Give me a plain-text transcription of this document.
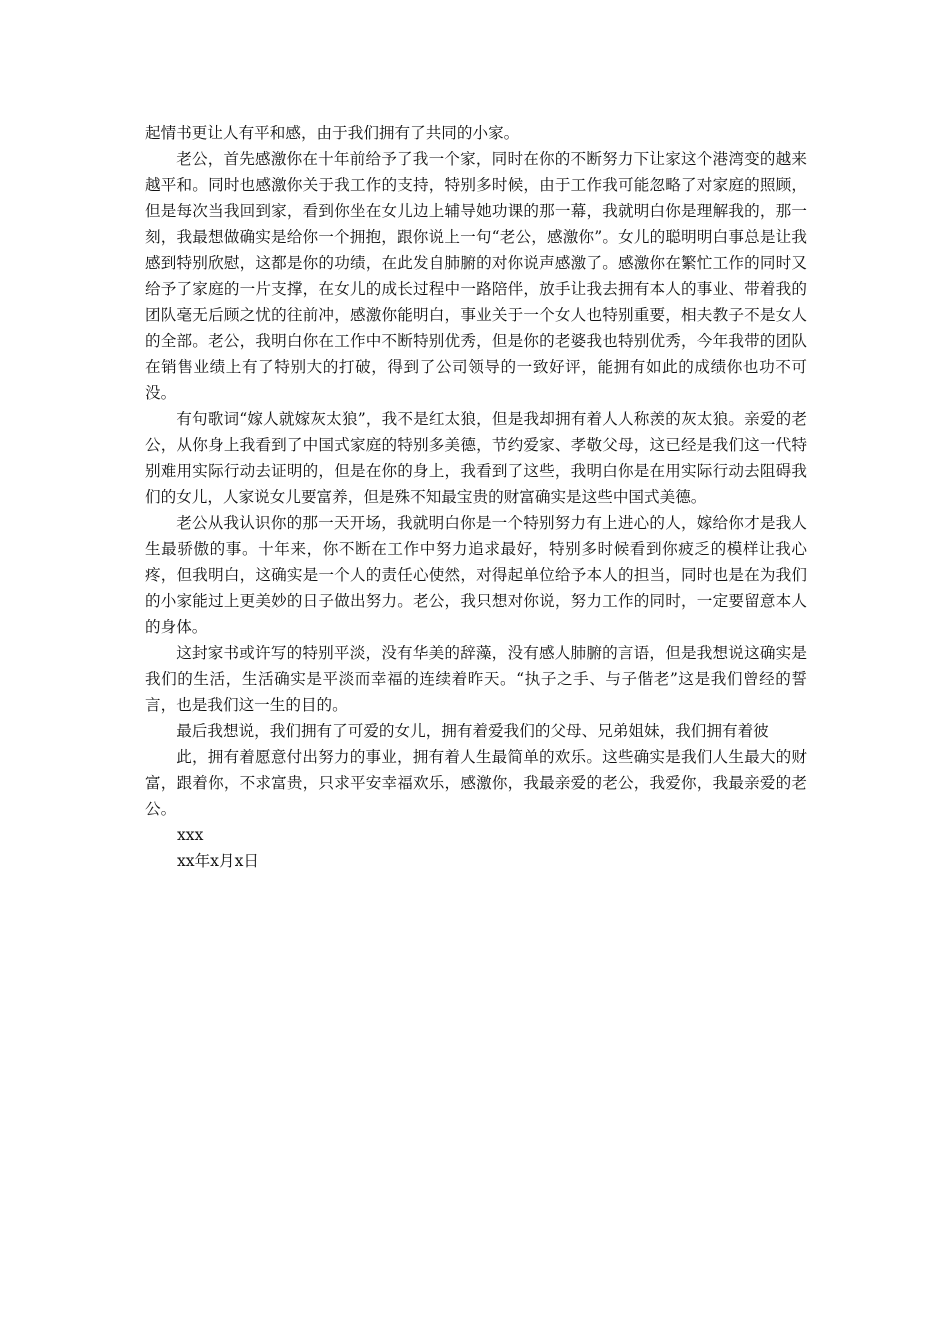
起情书更让人有平和感，由于我们拥有了共同的小家。

老公，首先感激你在十年前给予了我一个家，同时在你的不断努力下让家这个港湾变的越来越平和。同时也感激你关于我工作的支持，特别多时候，由于工作我可能忽略了对家庭的照顾，但是每次当我回到家，看到你坐在女儿边上辅导她功课的那一幕，我就明白你是理解我的，那一刻，我最想做确实是给你一个拥抱，跟你说上一句“老公，感激你”。女儿的聪明明白事总是让我感到特别欣慰，这都是你的功绩，在此发自肺腑的对你说声感激了。感激你在繁忙工作的同时又给予了家庭的一片支撑，在女儿的成长过程中一路陪伴，放手让我去拥有本人的事业、带着我的团队毫无后顾之忧的往前冲，感激你能明白，事业关于一个女人也特别重要，相夫教子不是女人的全部。老公，我明白你在工作中不断特别优秀，但是你的老婆我也特别优秀，今年我带的团队在销售业绩上有了特别大的打破，得到了公司领导的一致好评，能拥有如此的成绩你也功不可没。

有句歌词“嫁人就嫁灰太狼”，我不是红太狼，但是我却拥有着人人称羡的灰太狼。亲爱的老公，从你身上我看到了中国式家庭的特别多美德，节约爱家、孝敬父母，这已经是我们这一代特别难用实际行动去证明的，但是在你的身上，我看到了这些，我明白你是在用实际行动去阻碍我们的女儿，人家说女儿要富养，但是殊不知最宝贵的财富确实是这些中国式美德。

老公从我认识你的那一天开场，我就明白你是一个特别努力有上进心的人，嫁给你才是我人生最骄傲的事。十年来，你不断在工作中努力追求最好，特别多时候看到你疲乏的模样让我心疼，但我明白，这确实是一个人的责任心使然，对得起单位给予本人的担当，同时也是在为我们的小家能过上更美妙的日子做出努力。老公，我只想对你说，努力工作的同时，一定要留意本人的身体。

这封家书或许写的特别平淡，没有华美的辞藻，没有感人肺腑的言语，但是我想说这确实是我们的生活，生活确实是平淡而幸福的连续着昨天。“执子之手、与子偕老”这是我们曾经的誓言，也是我们这一生的目的。

最后我想说，我们拥有了可爱的女儿，拥有着爱我们的父母、兄弟姐妹，我们拥有着彼

此，拥有着愿意付出努力的事业，拥有着人生最简单的欢乐。这些确实是我们人生最大的财富，跟着你，不求富贵，只求平安幸福欢乐，感激你，我最亲爱的老公，我爱你，我最亲爱的老公。

xxx

xx年x月x日
